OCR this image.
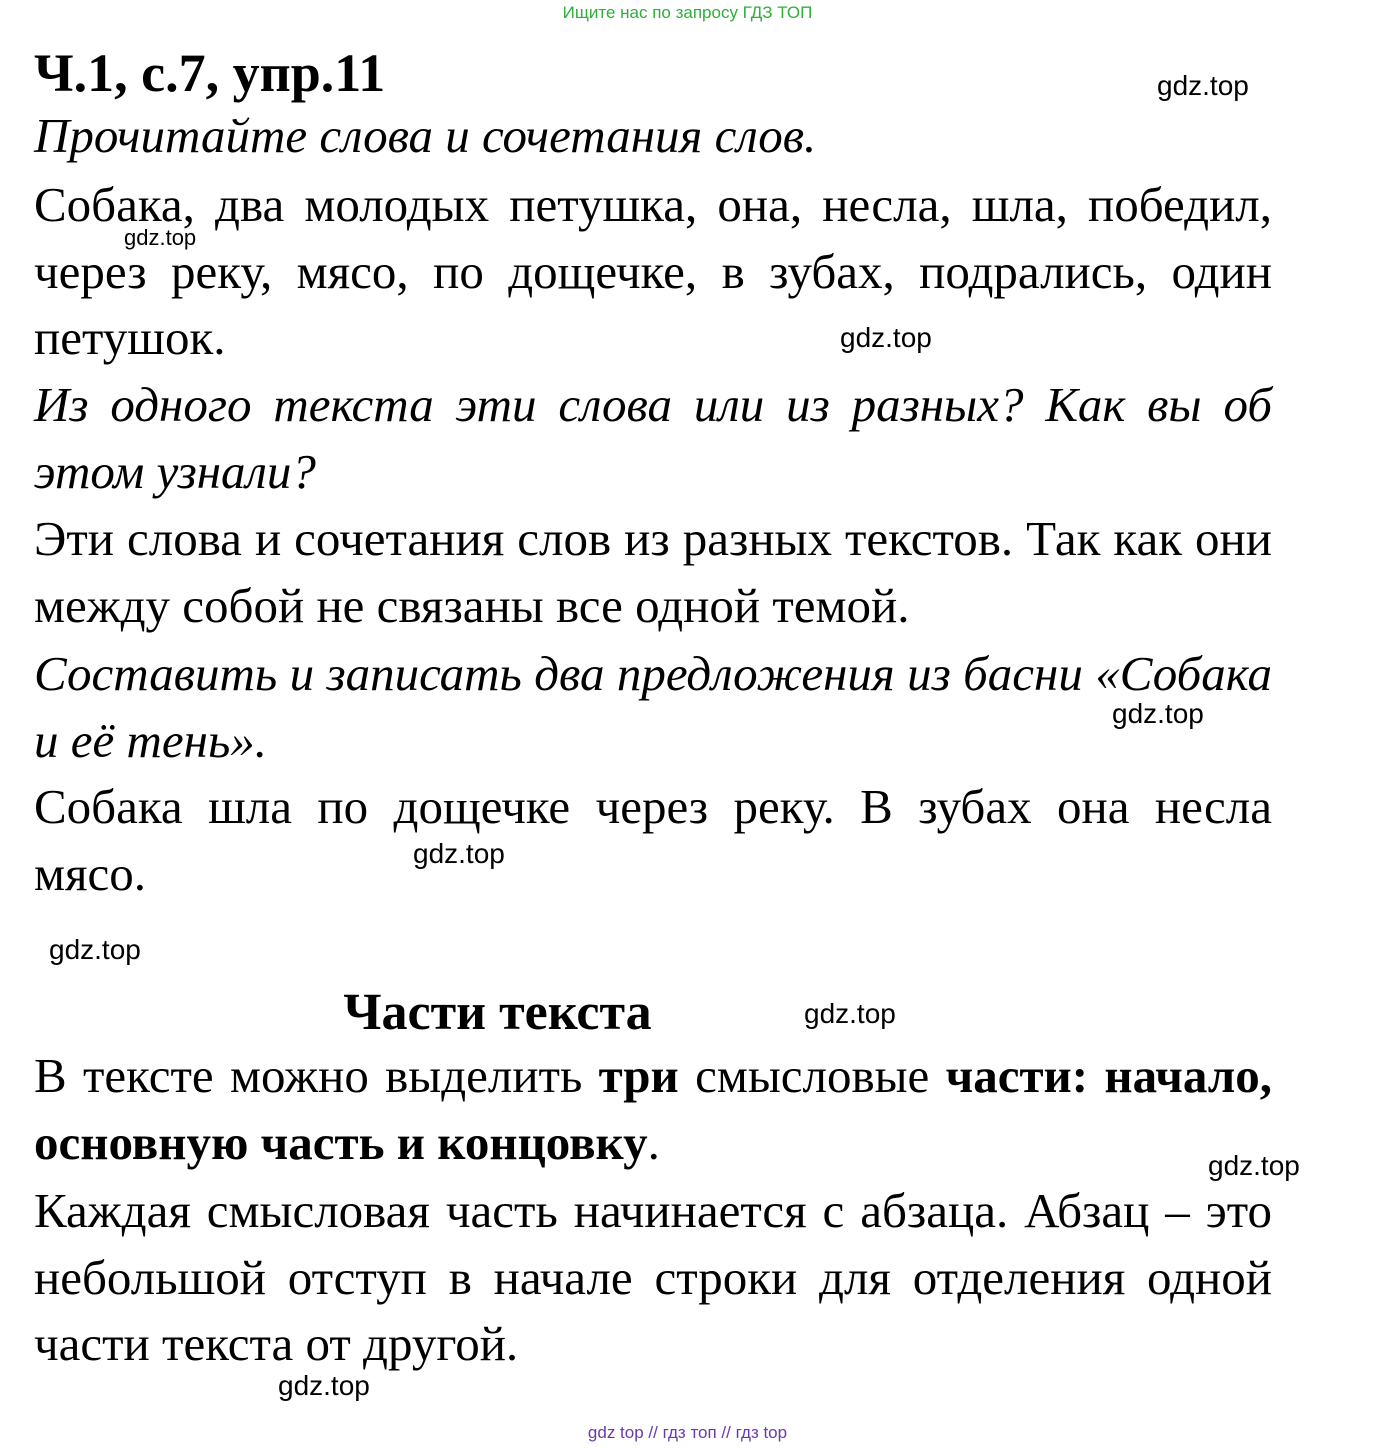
Ищите нас по запросу ГДЗ ТОП
Ч.1, с.7, упр.11
Прочитайте слова и сочетания слов.
Собака, два молодых петушка, она, несла, шла, победил, через реку, мясо, по дощечке, в зубах, подрались, один петушок.
Из одного текста эти слова или из разных? Как вы об этом узнали?
Эти слова и сочетания слов из разных текстов. Так как они между собой не связаны все одной темой.
Составить и записать два предложения из басни «Собака и её тень».
Собака шла по дощечке через реку. В зубах она несла мясо.
Части текста
В тексте можно выделить три смысловые части: начало, основную часть и концовку.
Каждая смысловая часть начинается с абзаца. Абзац – это небольшой отступ в начале строки для отделения одной части текста от другой.
gdz.top
gdz.top
gdz.top
gdz.top
gdz.top
gdz.top
gdz.top
gdz.top
gdz.top
gdz top // гдз топ // гдз top
